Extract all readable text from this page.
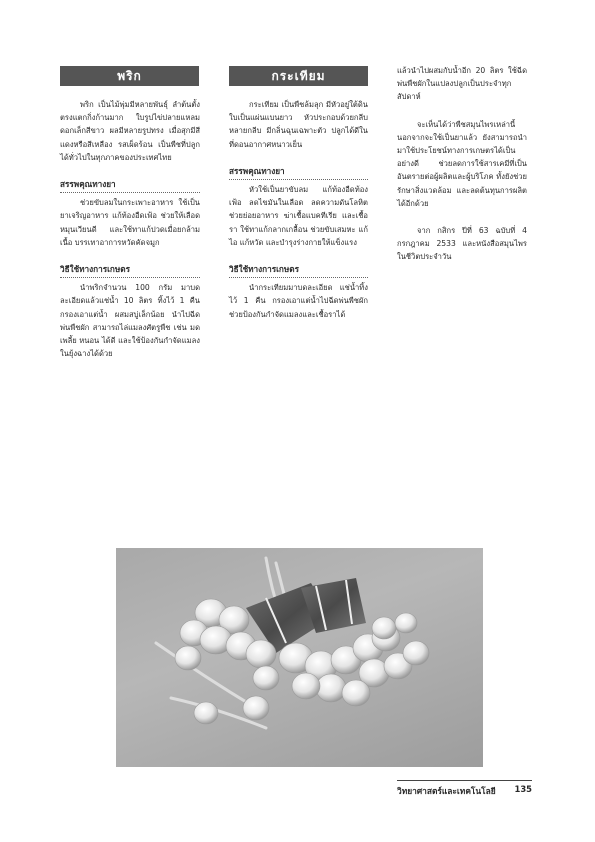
พริก

พริก เป็นไม้พุ่มมีหลายพันธุ์ ลำต้นตั้งตรงแตกกิ่งก้านมาก ใบรูปไข่ปลายแหลม ดอกเล็กสีขาว ผลมีหลายรูปทรง เมื่อสุกมีสีแดงหรือสีเหลือง รสเผ็ดร้อน เป็นพืชที่ปลูกได้ทั่วไปในทุกภาคของประเทศไทย

สรรพคุณทางยา

ช่วยขับลมในกระเพาะอาหาร ใช้เป็นยาเจริญอาหาร แก้ท้องอืดเฟ้อ ช่วยให้เลือดหมุนเวียนดี และใช้ทาแก้ปวดเมื่อยกล้ามเนื้อ บรรเทาอาการหวัดคัดจมูก

วิธีใช้ทางการเกษตร

นำพริกจำนวน 100 กรัม มาบดละเอียดแล้วแช่น้ำ 10 ลิตร ทิ้งไว้ 1 คืน กรองเอาแต่น้ำ ผสมสบู่เล็กน้อย นำไปฉีดพ่นพืชผัก สามารถไล่แมลงศัตรูพืช เช่น มด เพลี้ย หนอน ได้ดี และใช้ป้องกันกำจัดแมลงในยุ้งฉางได้ด้วย

กระเทียม

กระเทียม เป็นพืชล้มลุก มีหัวอยู่ใต้ดิน ใบเป็นแผ่นแบนยาว หัวประกอบด้วยกลีบหลายกลีบ มีกลิ่นฉุนเฉพาะตัว ปลูกได้ดีในที่ดอนอากาศหนาวเย็น

สรรพคุณทางยา

หัวใช้เป็นยาขับลม แก้ท้องอืดท้องเฟ้อ ลดไขมันในเลือด ลดความดันโลหิต ช่วยย่อยอาหาร ฆ่าเชื้อแบคทีเรีย และเชื้อรา ใช้ทาแก้กลากเกลื้อน ช่วยขับเสมหะ แก้ไอ แก้หวัด และบำรุงร่างกายให้แข็งแรง

วิธีใช้ทางการเกษตร

นำกระเทียมมาบดละเอียด แช่น้ำทิ้งไว้ 1 คืน กรองเอาแต่น้ำไปฉีดพ่นพืชผัก ช่วยป้องกันกำจัดแมลงและเชื้อราได้

แล้วนำไปผสมกับน้ำอีก 20 ลิตร ใช้ฉีดพ่นพืชผักในแปลงปลูกเป็นประจำทุกสัปดาห์

จะเห็นได้ว่าพืชสมุนไพรเหล่านี้ นอกจากจะใช้เป็นยาแล้ว ยังสามารถนำมาใช้ประโยชน์ทางการเกษตรได้เป็นอย่างดี ช่วยลดการใช้สารเคมีที่เป็นอันตรายต่อผู้ผลิตและผู้บริโภค ทั้งยังช่วยรักษาสิ่งแวดล้อม และลดต้นทุนการผลิตได้อีกด้วย

จาก กสิกร ปีที่ 63 ฉบับที่ 4 กรกฎาคม 2533 และหนังสือสมุนไพรในชีวิตประจำวัน

วิทยาศาสตร์และเทคโนโลยี 135
